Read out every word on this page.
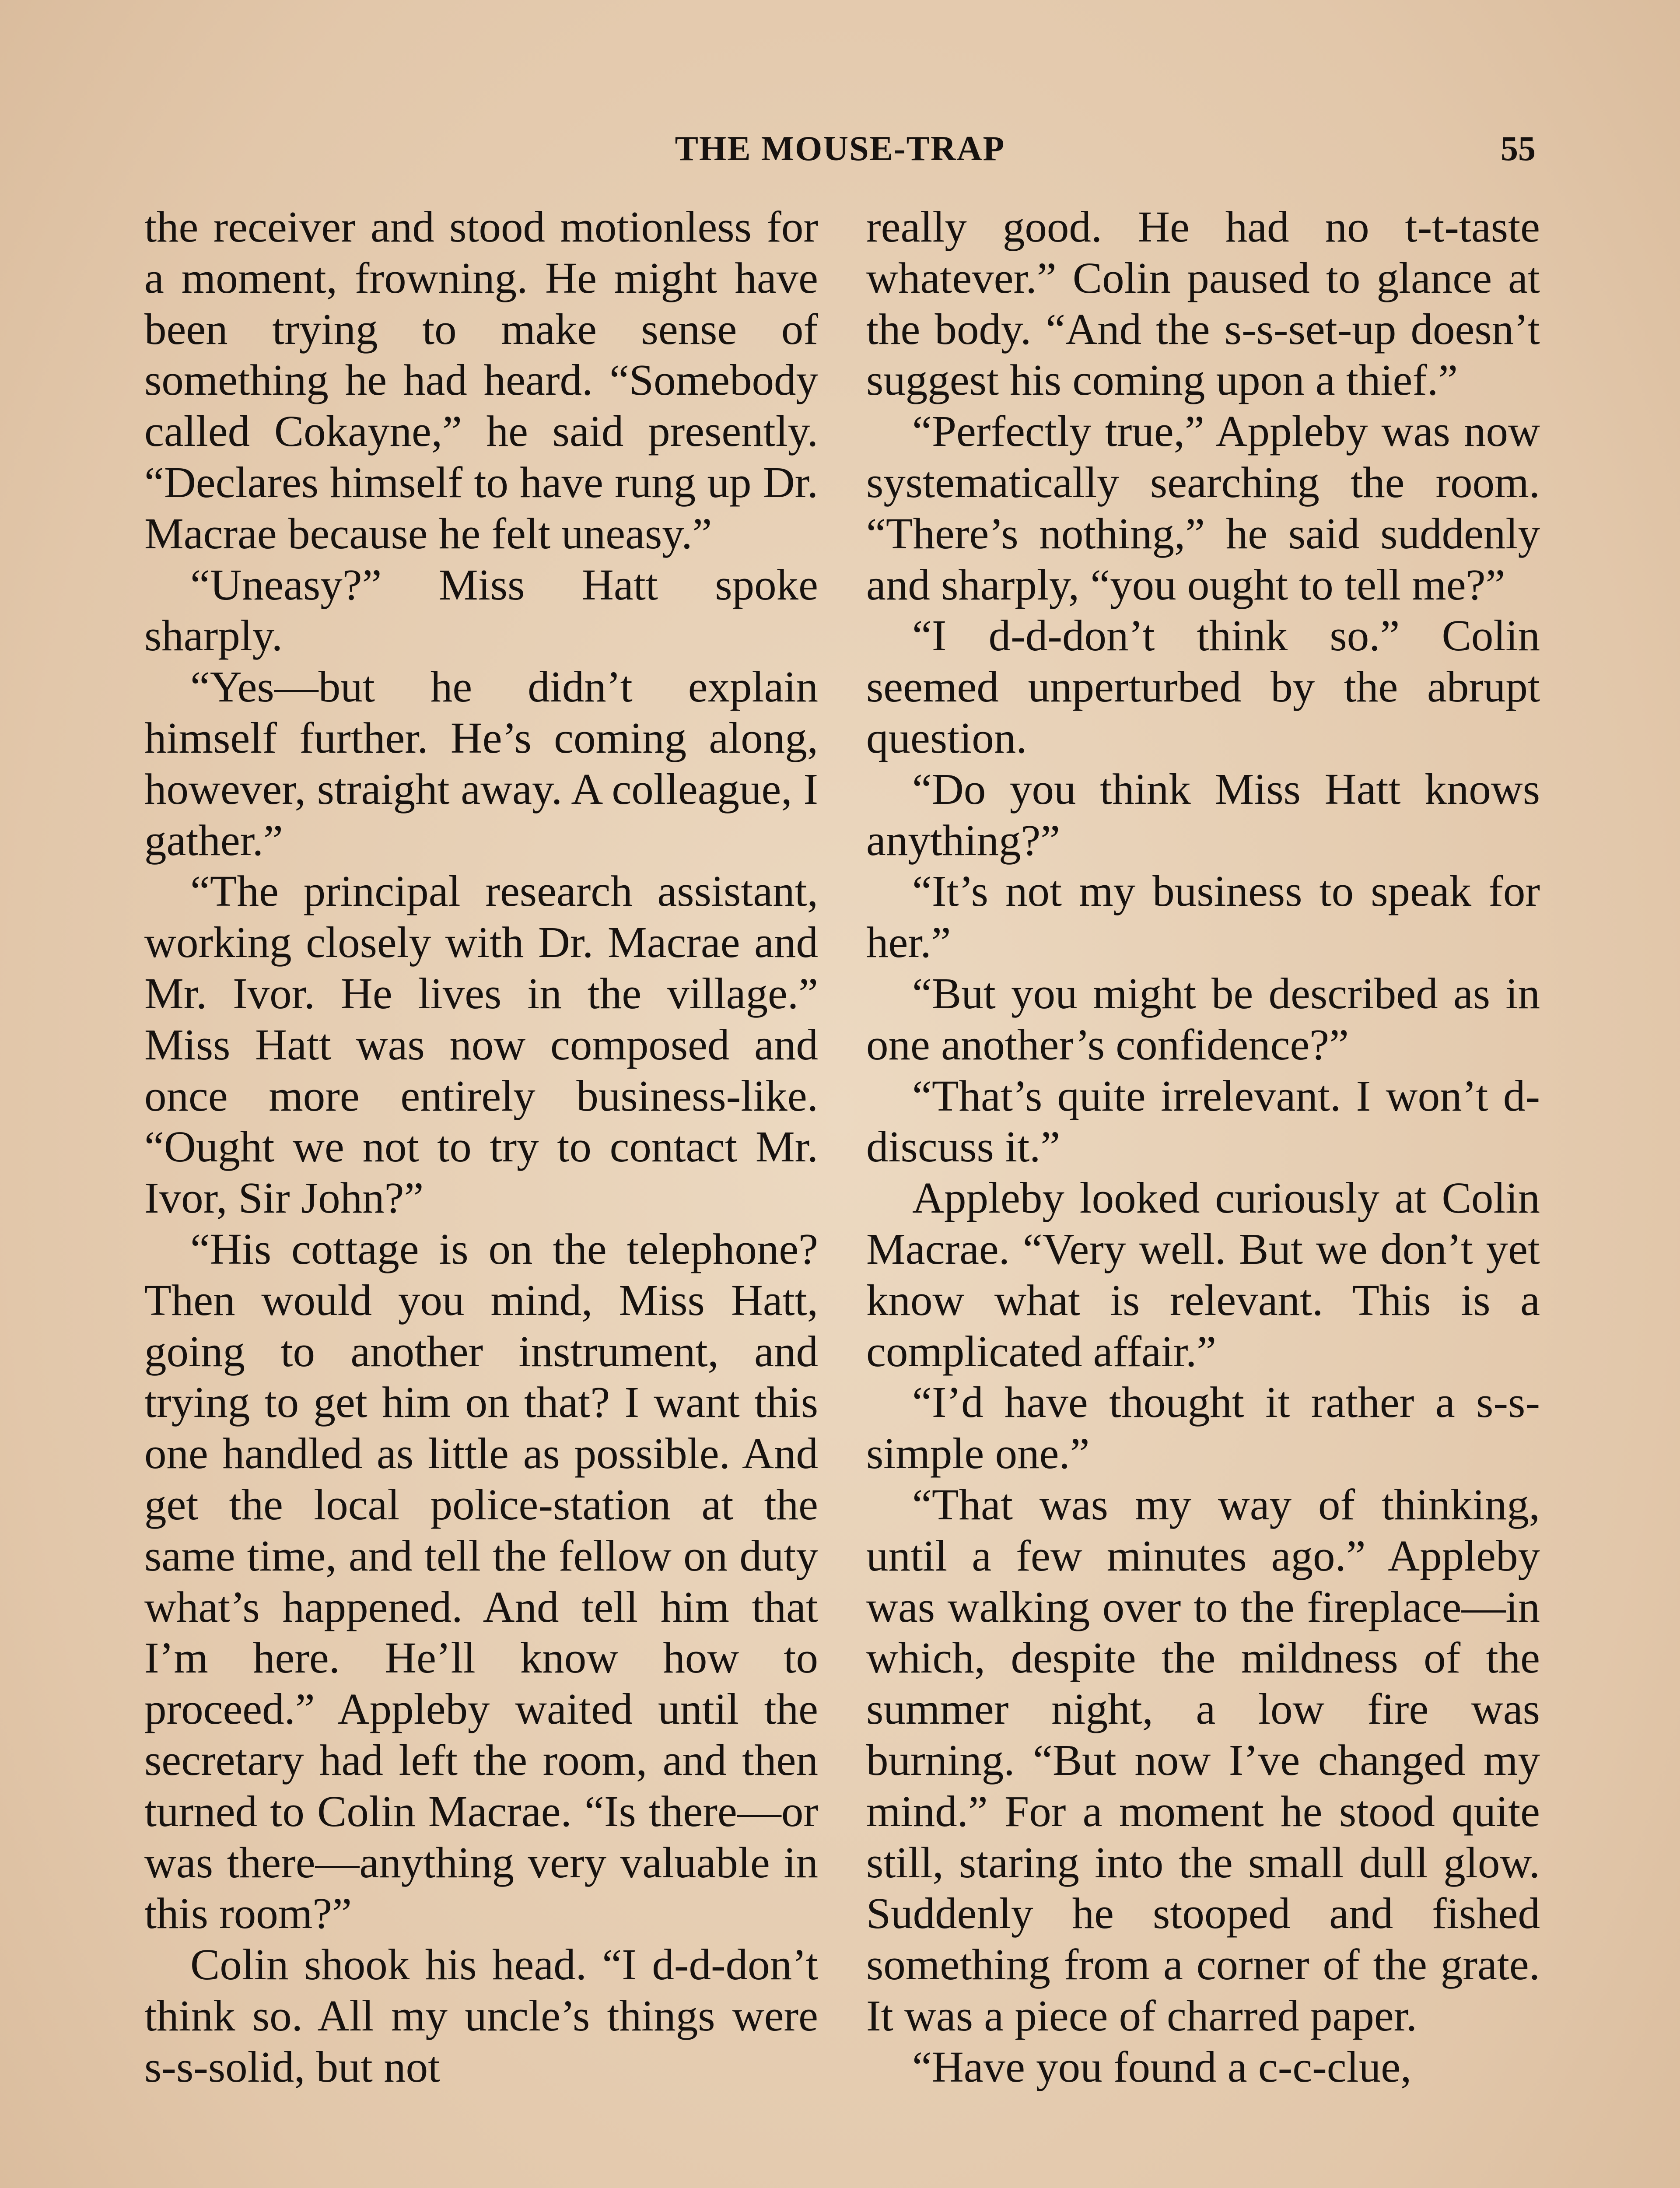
THE MOUSE-TRAP	55

the receiver and stood motionless for a moment, frowning. He might have been trying to make sense of something he had heard. “Somebody called Cokayne,” he said presently. “Declares himself to have rung up Dr. Macrae because he felt uneasy.”

“Uneasy?” Miss Hatt spoke sharply.

“Yes—but he didn’t explain himself further. He’s coming along, however, straight away. A colleague, I gather.”

“The principal research assistant, working closely with Dr. Macrae and Mr. Ivor. He lives in the village.” Miss Hatt was now composed and once more entirely business-like. “Ought we not to try to contact Mr. Ivor, Sir John?”

“His cottage is on the telephone? Then would you mind, Miss Hatt, going to another instrument, and trying to get him on that? I want this one handled as little as possible. And get the local police-station at the same time, and tell the fellow on duty what’s happened. And tell him that I’m here. He’ll know how to proceed.” Appleby waited until the secretary had left the room, and then turned to Colin Macrae. “Is there—or was there—anything very valuable in this room?”

Colin shook his head. “I d-d-don’t think so. All my uncle’s things were s-s-solid, but not

really good. He had no t-t-taste whatever.” Colin paused to glance at the body. “And the s-s-set-up doesn’t suggest his coming upon a thief.”

“Perfectly true,” Appleby was now systematically searching the room. “There’s nothing,” he said suddenly and sharply, “you ought to tell me?”

“I d-d-don’t think so.” Colin seemed unperturbed by the abrupt question.

“Do you think Miss Hatt knows anything?”

“It’s not my business to speak for her.”

“But you might be described as in one another’s confidence?”

“That’s quite irrelevant. I won’t d-discuss it.”

Appleby looked curiously at Colin Macrae. “Very well. But we don’t yet know what is relevant. This is a complicated affair.”

“I’d have thought it rather a s-s-simple one.”

“That was my way of thinking, until a few minutes ago.” Appleby was walking over to the fireplace—in which, despite the mildness of the summer night, a low fire was burning. “But now I’ve changed my mind.” For a moment he stood quite still, staring into the small dull glow. Suddenly he stooped and fished something from a corner of the grate. It was a piece of charred paper.

“Have you found a c-c-clue,
